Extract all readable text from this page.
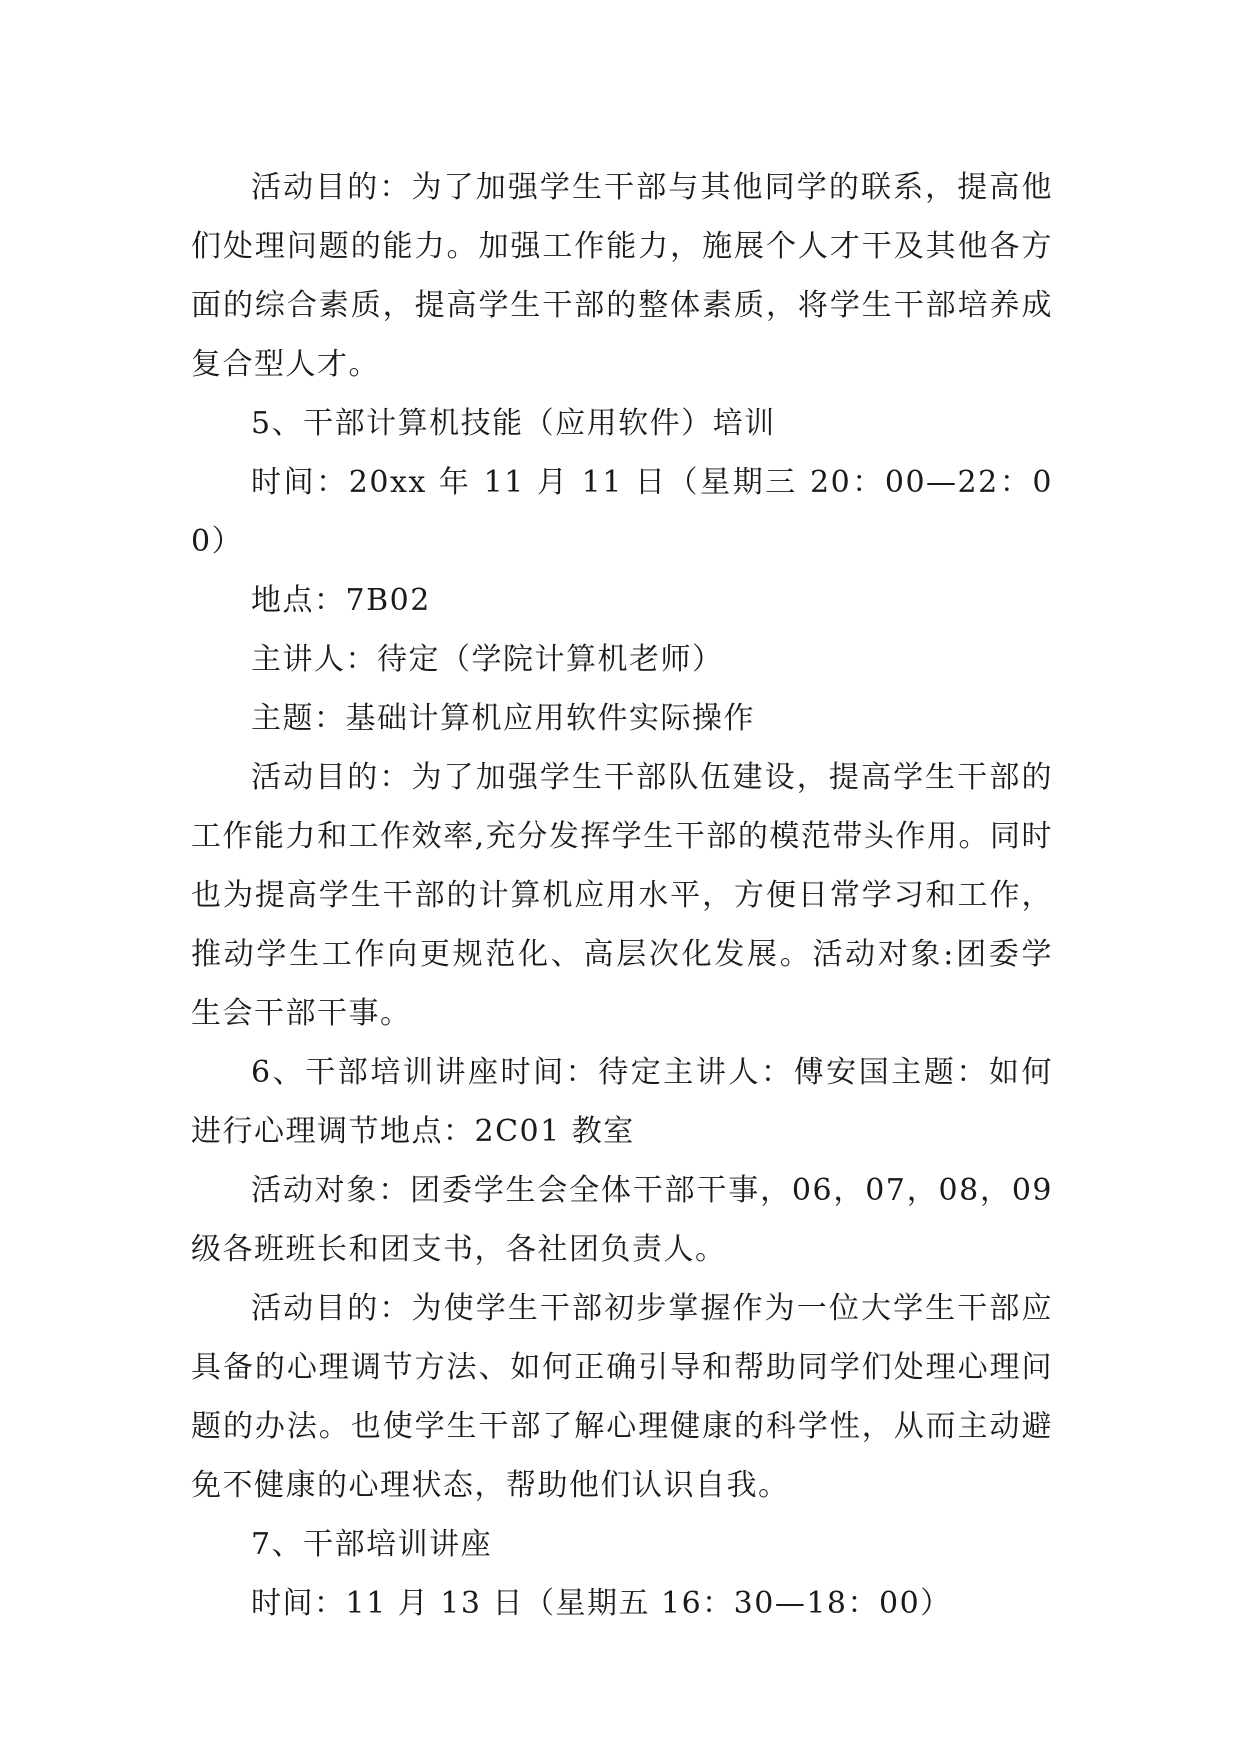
活动目的：为了加强学生干部与其他同学的联系，提高他们处理问题的能力。加强工作能力，施展个人才干及其他各方面的综合素质，提高学生干部的整体素质，将学生干部培养成复合型人才。

5、干部计算机技能（应用软件）培训

时间：20xx 年 11 月 11 日（星期三 20：00—22：00）

地点：7B02

主讲人：待定（学院计算机老师）

主题：基础计算机应用软件实际操作

活动目的：为了加强学生干部队伍建设，提高学生干部的工作能力和工作效率,充分发挥学生干部的模范带头作用。同时也为提高学生干部的计算机应用水平，方便日常学习和工作，推动学生工作向更规范化、高层次化发展。活动对象:团委学生会干部干事。

6、干部培训讲座时间：待定主讲人：傅安国主题：如何进行心理调节地点：2C01 教室

活动对象：团委学生会全体干部干事，06，07，08，09级各班班长和团支书，各社团负责人。

活动目的：为使学生干部初步掌握作为一位大学生干部应具备的心理调节方法、如何正确引导和帮助同学们处理心理问题的办法。也使学生干部了解心理健康的科学性，从而主动避免不健康的心理状态，帮助他们认识自我。

7、干部培训讲座

时间：11 月 13 日（星期五 16：30—18：00）
